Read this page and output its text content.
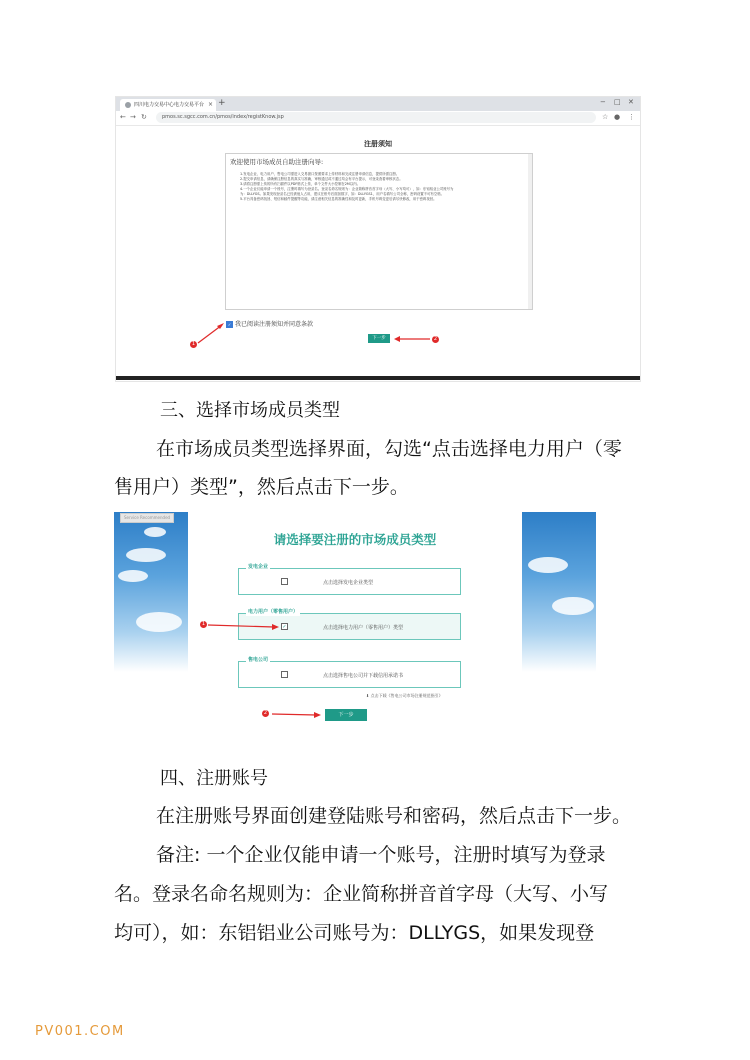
四川电力交易中心电力交易平台 × +	− □ ✕
← → ↻	pmos.sc.sgcc.com.cn/pmos/index/registKnow.jsp	☆ ● ⋮
注册须知
欢迎使用市场成员自助注册向导:
1.发电企业、电力用户、售电公司需进入交易窗口按照要求上传材料和完成注册申请信息，提供所需注册。
2.提交申请信息，请确保注册信息的真实与准确，审核通过或不通过均会有平台提示，可登录查看审核状态。
3.请将注册需上传的所有扫描件以PDF格式上传，单个文件大小控制在2M以内。
4.一个企业仅能申请一个账号，注册时填写为登录名。登录名命名规则为：企业简称拼音首字母（大写、小写均可），如：东铝铝业公司账号为
为：DLLYGS。如果发现登录名已经被他人占用，建议在账号后面加数字，如：DLLYGS1，用户名填写公司全称，密码设置不可有空格。
5.平台具备密码找回、短信和邮件提醒等功能，请注意相关信息的准确性和及时更新，手机号码变更后请尽快修改，用于密码找回。
✓ 我已阅读注册须知并同意条款
下一步
1
2
三、选择市场成员类型
在市场成员类型选择界面，勾选“点击选择电力用户（零
售用户）类型”，然后点击下一步。
Service Recommended
请选择要注册的市场成员类型
点击选择发电企业类型
发电企业
✓	点击选择电力用户（零售用户）类型
电力用户（零售用户）
点击选择售电公司并下载信用承诺书
售电公司
⬇ 点击下载《售电公司市场注册规范指引》
下一步
1
2
四、注册账号
在注册账号界面创建登陆账号和密码，然后点击下一步。
备注: 一个企业仅能申请一个账号，注册时填写为登录
名。登录名命名规则为：企业简称拼音首字母（大写、小写
均可），如：东铝铝业公司账号为：DLLYGS，如果发现登
PV001.COM
